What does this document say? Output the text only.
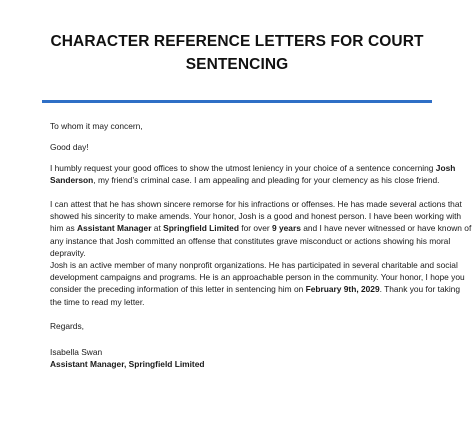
CHARACTER REFERENCE LETTERS FOR COURT
SENTENCING
To whom it may concern,
Good day!
I humbly request your good offices to show the utmost leniency in your choice of a sentence concerning Josh
Sanderson, my friend’s criminal case. I am appealing and pleading for your clemency as his close friend.
I can attest that he has shown sincere remorse for his infractions or offenses. He has made several actions that
showed his sincerity to make amends. Your honor, Josh is a good and honest person. I have been working with
him as Assistant Manager at Springfield Limited for over 9 years and I have never witnessed or have known of
any instance that Josh committed an offense that constitutes grave misconduct or actions showing his moral
depravity.
Josh is an active member of many nonprofit organizations. He has participated in several charitable and social
development campaigns and programs. He is an approachable person in the community. Your honor, I hope you
consider the preceding information of this letter in sentencing him on February 9th, 2029. Thank you for taking
the time to read my letter.
Regards,
Isabella Swan
Assistant Manager, Springfield Limited
